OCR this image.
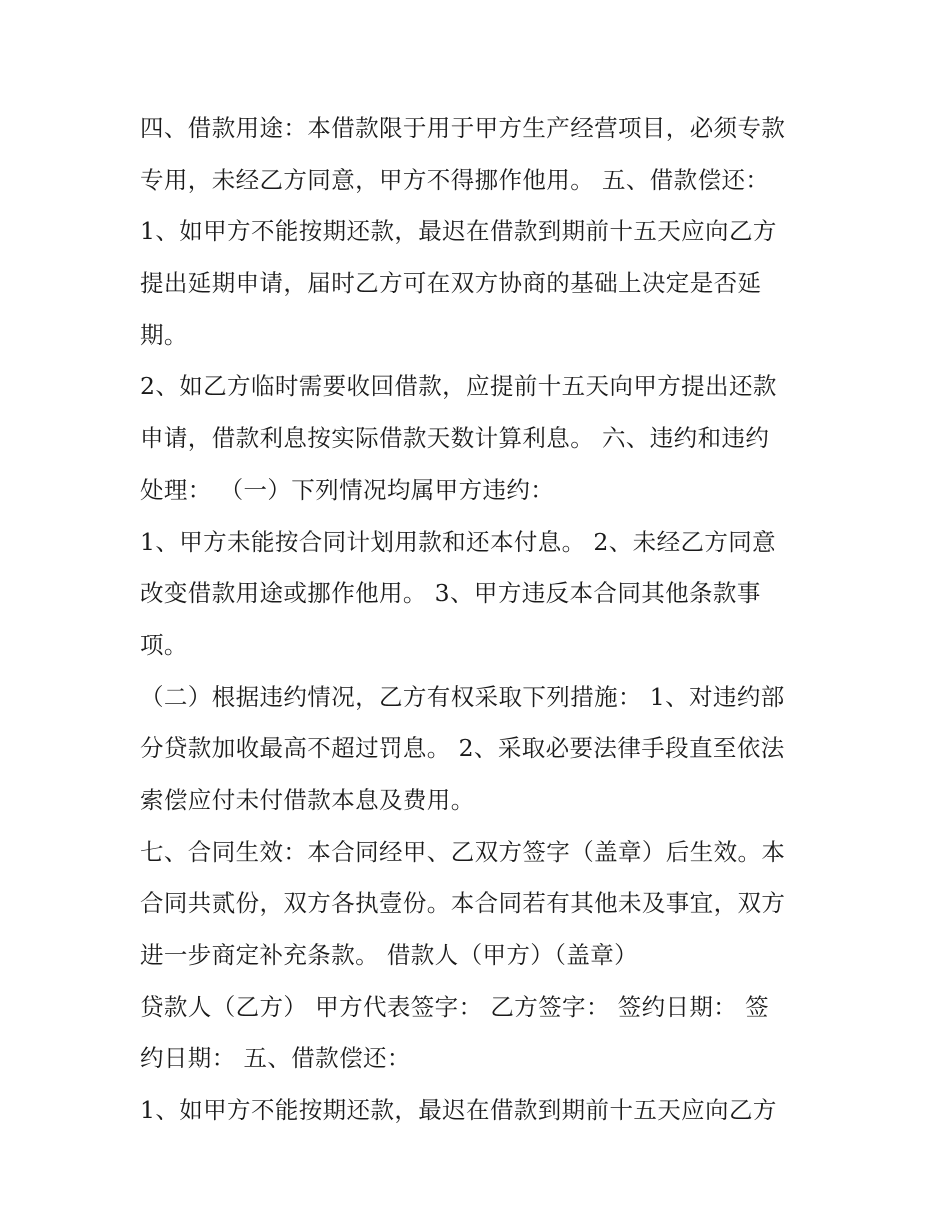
四、借款用途：本借款限于用于甲方生产经营项目，必须专款
专用，未经乙方同意，甲方不得挪作他用。 五、借款偿还：
1、如甲方不能按期还款，最迟在借款到期前十五天应向乙方
提出延期申请，届时乙方可在双方协商的基础上决定是否延
期。
2、如乙方临时需要收回借款，应提前十五天向甲方提出还款
申请，借款利息按实际借款天数计算利息。 六、违约和违约
处理： （一）下列情况均属甲方违约：
1、甲方未能按合同计划用款和还本付息。 2、未经乙方同意
改变借款用途或挪作他用。 3、甲方违反本合同其他条款事
项。
（二）根据违约情况，乙方有权采取下列措施： 1、对违约部
分贷款加收最高不超过罚息。 2、采取必要法律手段直至依法
索偿应付未付借款本息及费用。
七、合同生效：本合同经甲、乙双方签字（盖章）后生效。本
合同共贰份，双方各执壹份。本合同若有其他未及事宜，双方
进一步商定补充条款。 借款人（甲方）（盖章）
贷款人（乙方） 甲方代表签字： 乙方签字： 签约日期： 签
约日期： 五、借款偿还：
1、如甲方不能按期还款，最迟在借款到期前十五天应向乙方
